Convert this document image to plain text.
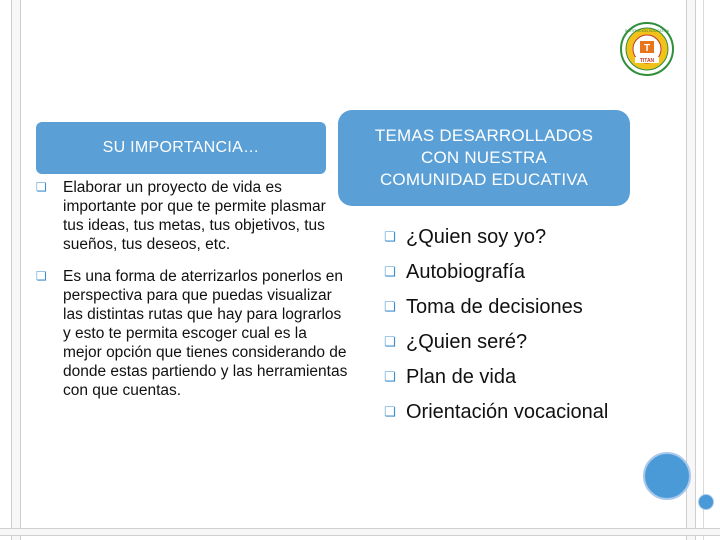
T
INSTITUCION EDUCATIVA
TITAN
SU IMPORTANCIA…
❏ Elaborar un proyecto de vida es importante por que te permite plasmar tus ideas, tus metas, tus objetivos, tus sueños, tus deseos, etc.
❏ Es una forma de aterrizarlos ponerlos en perspectiva para que puedas visualizar las distintas rutas que hay para lograrlos y esto te permita escoger cual es la mejor opción que tienes considerando de donde estas partiendo y las herramientas con que cuentas.
TEMAS DESARROLLADOS
CON NUESTRA
COMUNIDAD EDUCATIVA
❏ ¿Quien soy yo?
❏ Autobiografía
❏ Toma de decisiones
❏ ¿Quien seré?
❏ Plan de vida
❏ Orientación vocacional
